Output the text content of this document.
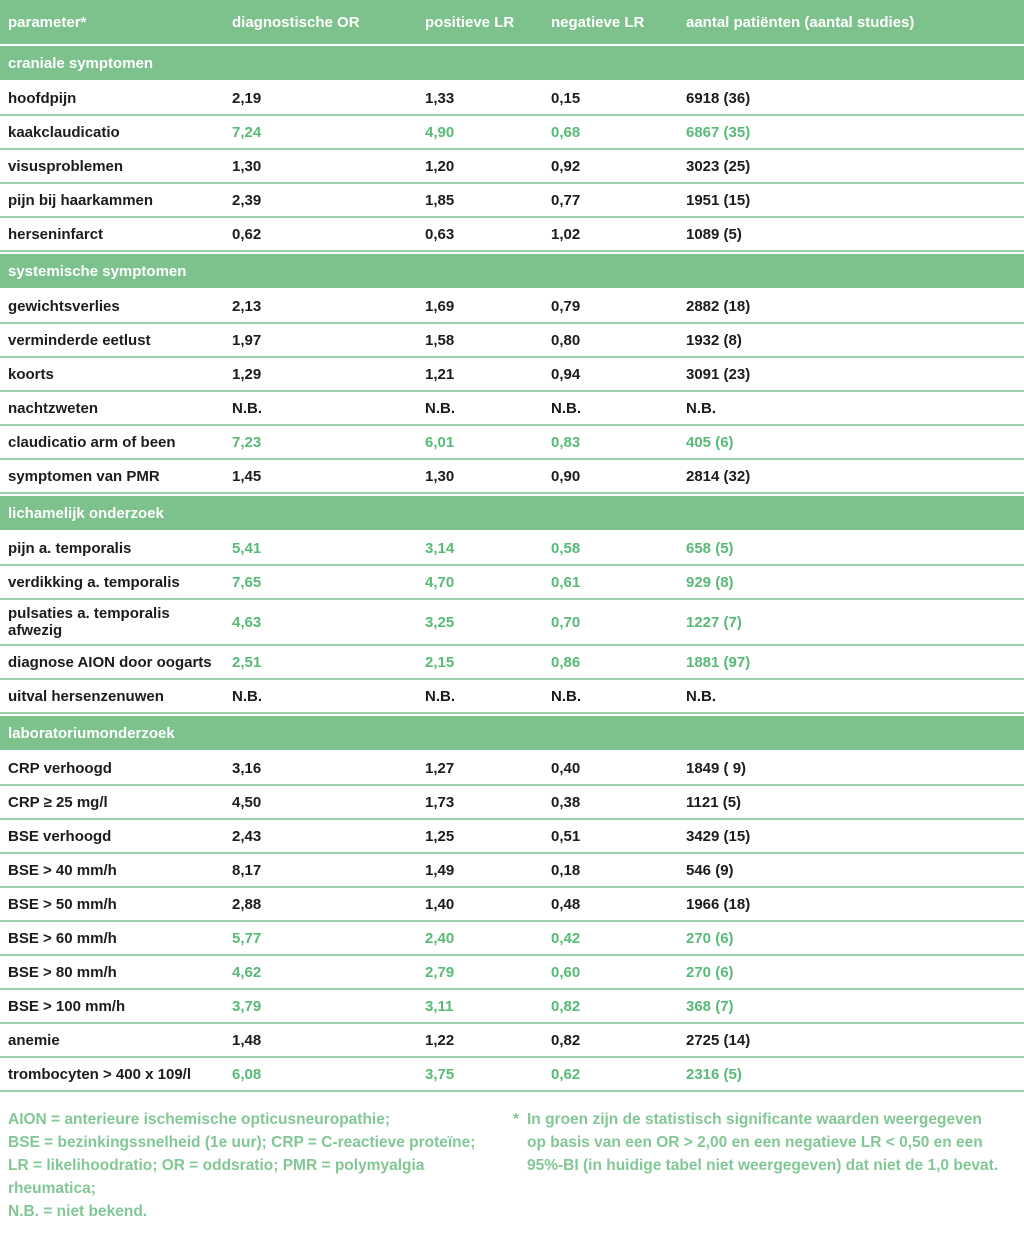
parameter*	diagnostische OR	positieve LR	negatieve LR	aantal patiënten (aantal studies)
craniale symptomen
hoofdpijn	2,19	1,33	0,15	6918 (36)
kaakclaudicatio	7,24	4,90	0,68	6867 (35)
visusproblemen	1,30	1,20	0,92	3023 (25)
pijn bij haarkammen	2,39	1,85	0,77	1951 (15)
herseninfarct	0,62	0,63	1,02	1089 (5)
systemische symptomen
gewichtsverlies	2,13	1,69	0,79	2882 (18)
verminderde eetlust	1,97	1,58	0,80	1932 (8)
koorts	1,29	1,21	0,94	3091 (23)
nachtzweten	N.B.	N.B.	N.B.	N.B.
claudicatio arm of been	7,23	6,01	0,83	405 (6)
symptomen van PMR	1,45	1,30	0,90	2814 (32)
lichamelijk onderzoek
pijn a. temporalis	5,41	3,14	0,58	658 (5)
verdikking a. temporalis	7,65	4,70	0,61	929 (8)
pulsaties a. temporalis afwezig	4,63	3,25	0,70	1227 (7)
diagnose AION door oogarts	2,51	2,15	0,86	1881 (97)
uitval hersenzenuwen	N.B.	N.B.	N.B.	N.B.
laboratoriumonderzoek
CRP verhoogd	3,16	1,27	0,40	1849 ( 9)
CRP ≥ 25 mg/l	4,50	1,73	0,38	1121 (5)
BSE verhoogd	2,43	1,25	0,51	3429 (15)
BSE > 40 mm/h	8,17	1,49	0,18	546 (9)
BSE > 50 mm/h	2,88	1,40	0,48	1966 (18)
BSE > 60 mm/h	5,77	2,40	0,42	270 (6)
BSE > 80 mm/h	4,62	2,79	0,60	270 (6)
BSE > 100 mm/h	3,79	3,11	0,82	368 (7)
anemie	1,48	1,22	0,82	2725 (14)
trombocyten > 400 x 109/l	6,08	3,75	0,62	2316 (5)
AION = anterieure ischemische opticusneuropathie;
BSE = bezinkingssnelheid (1e uur); CRP = C-reactieve proteïne;
LR = likelihoodratio; OR = oddsratio; PMR = polymyalgia rheumatica;
N.B. = niet bekend.
* In groen zijn de statistisch significante waarden weergegeven
op basis van een OR > 2,00 en een negatieve LR < 0,50 en een
95%-BI (in huidige tabel niet weergegeven) dat niet de 1,0 bevat.
